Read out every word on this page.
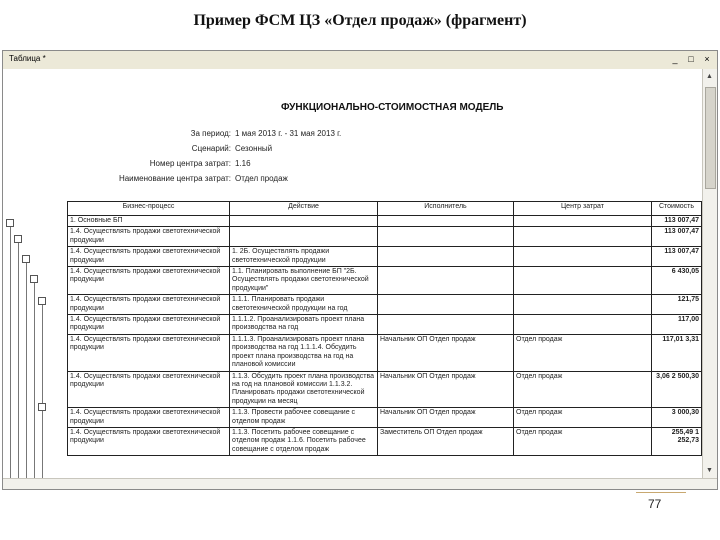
Пример ФСМ ЦЗ «Отдел продаж» (фрагмент)
Таблица *	_	□	×
ФУНКЦИОНАЛЬНО-СТОИМОСТНАЯ МОДЕЛЬ
За период: 1 мая 2013 г. - 31 мая 2013 г.
Сценарий: Сезонный
Номер центра затрат: 1.16
Наименование центра затрат: Отдел продаж
Бизнес-процесс	Действие	Исполнитель	Центр затрат	Стоимость
1. Основные БП				113 007,47
1.4. Осуществлять продажи светотехнической продукции				113 007,47
1.4. Осуществлять продажи светотехнической продукции	1. 2Б. Осуществлять продажи светотехнической продукции			113 007,47
1.4. Осуществлять продажи светотехнической продукции	1.1. Планировать выполнение БП "2Б. Осуществлять продажи светотехнической продукции"			6 430,05
1.4. Осуществлять продажи светотехнической продукции	1.1.1. Планировать продажи светотехнической продукции на год			121,75
1.4. Осуществлять продажи светотехнической продукции	1.1.1.2. Проанализировать проект плана производства на год			117,00
1.4. Осуществлять продажи светотехнической продукции	1.1.1.3. Проанализировать проект плана производства на год 1.1.1.4. Обсудить проект плана производства на год на плановой комиссии	Начальник ОП Отдел продаж	Отдел продаж	117,01 3,31
1.4. Осуществлять продажи светотехнической продукции	1.1.3. Обсудить проект плана производства на год на плановой комиссии 1.1.3.2. Планировать продажи светотехнической продукции на месяц	Начальник ОП Отдел продаж	Отдел продаж	3,06 2 500,30
1.4. Осуществлять продажи светотехнической продукции	1.1.3. Провести рабочее совещание с отделом продаж	Начальник ОП Отдел продаж	Отдел продаж	3 000,30
1.4. Осуществлять продажи светотехнической продукции	1.1.3. Посетить рабочее совещание с отделом продаж 1.1.6. Посетить рабочее совещание с отделом продаж	Заместитель ОП Отдел продаж	Отдел продаж	255,49 1 252,73
▲
▼
77
